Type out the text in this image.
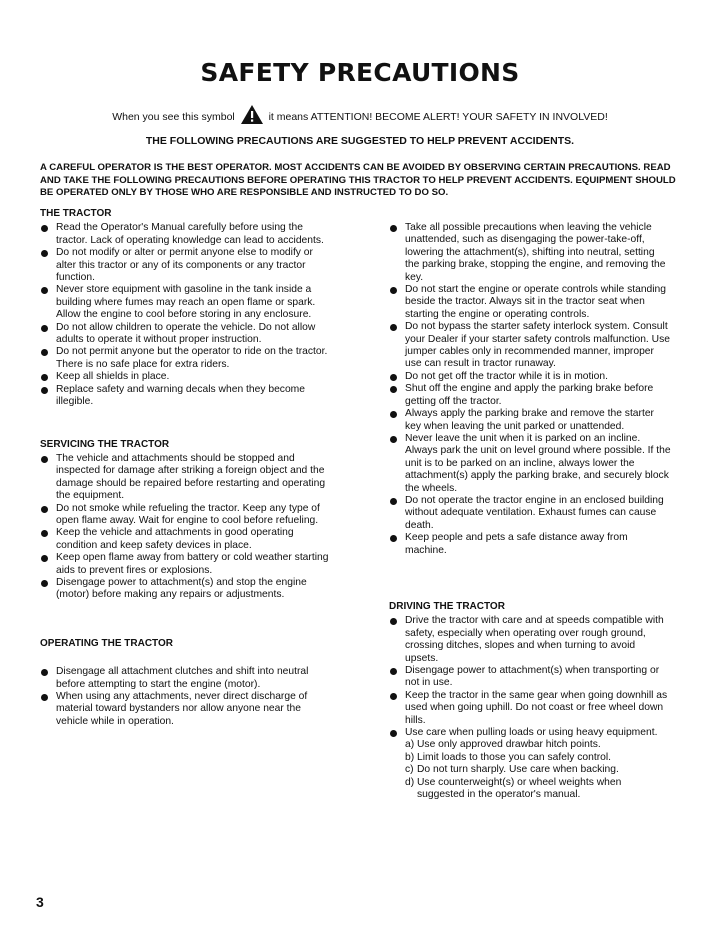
SAFETY PRECAUTIONS
When you see this symbol	it means ATTENTION! BECOME ALERT! YOUR SAFETY IN INVOLVED!
THE FOLLOWING PRECAUTIONS ARE SUGGESTED TO HELP PREVENT ACCIDENTS.
A CAREFUL OPERATOR IS THE BEST OPERATOR. MOST ACCIDENTS CAN BE AVOIDED BY OBSERVING CERTAIN PRECAUTIONS. READ AND TAKE THE FOLLOWING PRECAUTIONS BEFORE OPERATING THIS TRACTOR TO HELP PREVENT ACCIDENTS. EQUIPMENT SHOULD BE OPERATED ONLY BY THOSE WHO ARE RESPONSIBLE AND INSTRUCTED TO DO SO.
THE TRACTOR
Read the Operator's Manual carefully before using the tractor. Lack of operating knowledge can lead to accidents.
Do not modify or alter or permit anyone else to modify or alter this tractor or any of its components or any tractor function.
Never store equipment with gasoline in the tank inside a building where fumes may reach an open flame or spark. Allow the engine to cool before storing in any enclosure.
Do not allow children to operate the vehicle. Do not allow adults to operate it without proper instruction.
Do not permit anyone but the operator to ride on the tractor. There is no safe place for extra riders.
Keep all shields in place.
Replace safety and warning decals when they become illegible.
SERVICING THE TRACTOR
The vehicle and attachments should be stopped and inspected for damage after striking a foreign object and the damage should be repaired before restarting and operating the equipment.
Do not smoke while refueling the tractor. Keep any type of open flame away. Wait for engine to cool before refueling.
Keep the vehicle and attachments in good operating condition and keep safety devices in place.
Keep open flame away from battery or cold weather starting aids to prevent fires or explosions.
Disengage power to attachment(s) and stop the engine (motor) before making any repairs or adjustments.
OPERATING THE TRACTOR
Disengage all attachment clutches and shift into neutral before attempting to start the engine (motor).
When using any attachments, never direct discharge of material toward bystanders nor allow anyone near the vehicle while in operation.
Take all possible precautions when leaving the vehicle unattended, such as disengaging the power-take-off, lowering the attachment(s), shifting into neutral, setting the parking brake, stopping the engine, and removing the key.
Do not start the engine or operate controls while standing beside the tractor. Always sit in the tractor seat when starting the engine or operating controls.
Do not bypass the starter safety interlock system. Consult your Dealer if your starter safety controls malfunction. Use jumper cables only in recommended manner, improper use can result in tractor runaway.
Do not get off the tractor while it is in motion.
Shut off the engine and apply the parking brake before getting off the tractor.
Always apply the parking brake and remove the starter key when leaving the unit parked or unattended.
Never leave the unit when it is parked on an incline. Always park the unit on level ground where possible. If the unit is to be parked on an incline, always lower the attachment(s) apply the parking brake, and securely block the wheels.
Do not operate the tractor engine in an enclosed building without adequate ventilation. Exhaust fumes can cause death.
Keep people and pets a safe distance away from machine.
DRIVING THE TRACTOR
Drive the tractor with care and at speeds compatible with safety, especially when operating over rough ground, crossing ditches, slopes and when turning to avoid upsets.
Disengage power to attachment(s) when transporting or not in use.
Keep the tractor in the same gear when going downhill as used when going uphill. Do not coast or free wheel down hills.
Use care when pulling loads or using heavy equipment.
a) Use only approved drawbar hitch points.
b) Limit loads to those you can safely control.
c) Do not turn sharply. Use care when backing.
d) Use counterweight(s) or wheel weights when suggested in the operator's manual.
3
